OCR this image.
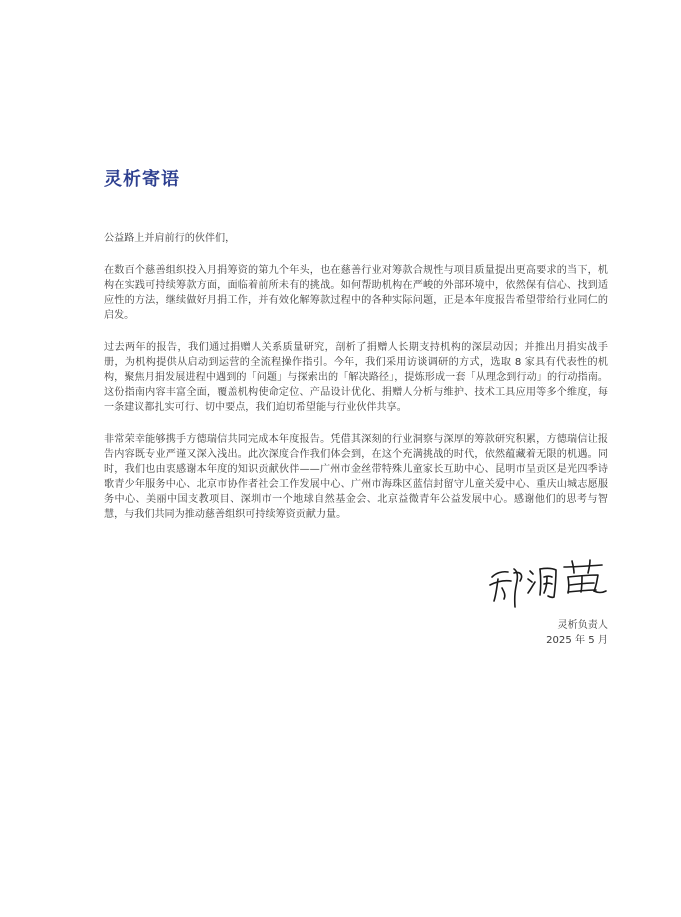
灵析寄语

公益路上并肩前行的伙伴们，

在数百个慈善组织投入月捐筹资的第九个年头，也在慈善行业对筹款合规性与项目质量提出更高要求的当下，机构在实践可持续筹款方面，面临着前所未有的挑战。如何帮助机构在严峻的外部环境中，依然保有信心、找到适应性的方法，继续做好月捐工作，并有效化解筹款过程中的各种实际问题，正是本年度报告希望带给行业同仁的启发。

过去两年的报告，我们通过捐赠人关系质量研究，剖析了捐赠人长期支持机构的深层动因；并推出月捐实战手册，为机构提供从启动到运营的全流程操作指引。今年，我们采用访谈调研的方式，选取 8 家具有代表性的机构，聚焦月捐发展进程中遇到的「问题」与探索出的「解决路径」，提炼形成一套「从理念到行动」的行动指南。这份指南内容丰富全面，覆盖机构使命定位、产品设计优化、捐赠人分析与维护、技术工具应用等多个维度，每一条建议都扎实可行、切中要点，我们迫切希望能与行业伙伴共享。

非常荣幸能够携手方德瑞信共同完成本年度报告。凭借其深刻的行业洞察与深厚的筹款研究积累，方德瑞信让报告内容既专业严谨又深入浅出。此次深度合作我们体会到，在这个充满挑战的时代，依然蕴藏着无限的机遇。同时，我们也由衷感谢本年度的知识贡献伙伴——广州市金丝带特殊儿童家长互助中心、昆明市呈贡区是光四季诗歌青少年服务中心、北京市协作者社会工作发展中心、广州市海珠区蓝信封留守儿童关爱中心、重庆山城志愿服务中心、美丽中国支教项目、深圳市一个地球自然基金会、北京益微青年公益发展中心。感谢他们的思考与智慧，与我们共同为推动慈善组织可持续筹资贡献力量。

灵析负责人

2025 年 5 月
